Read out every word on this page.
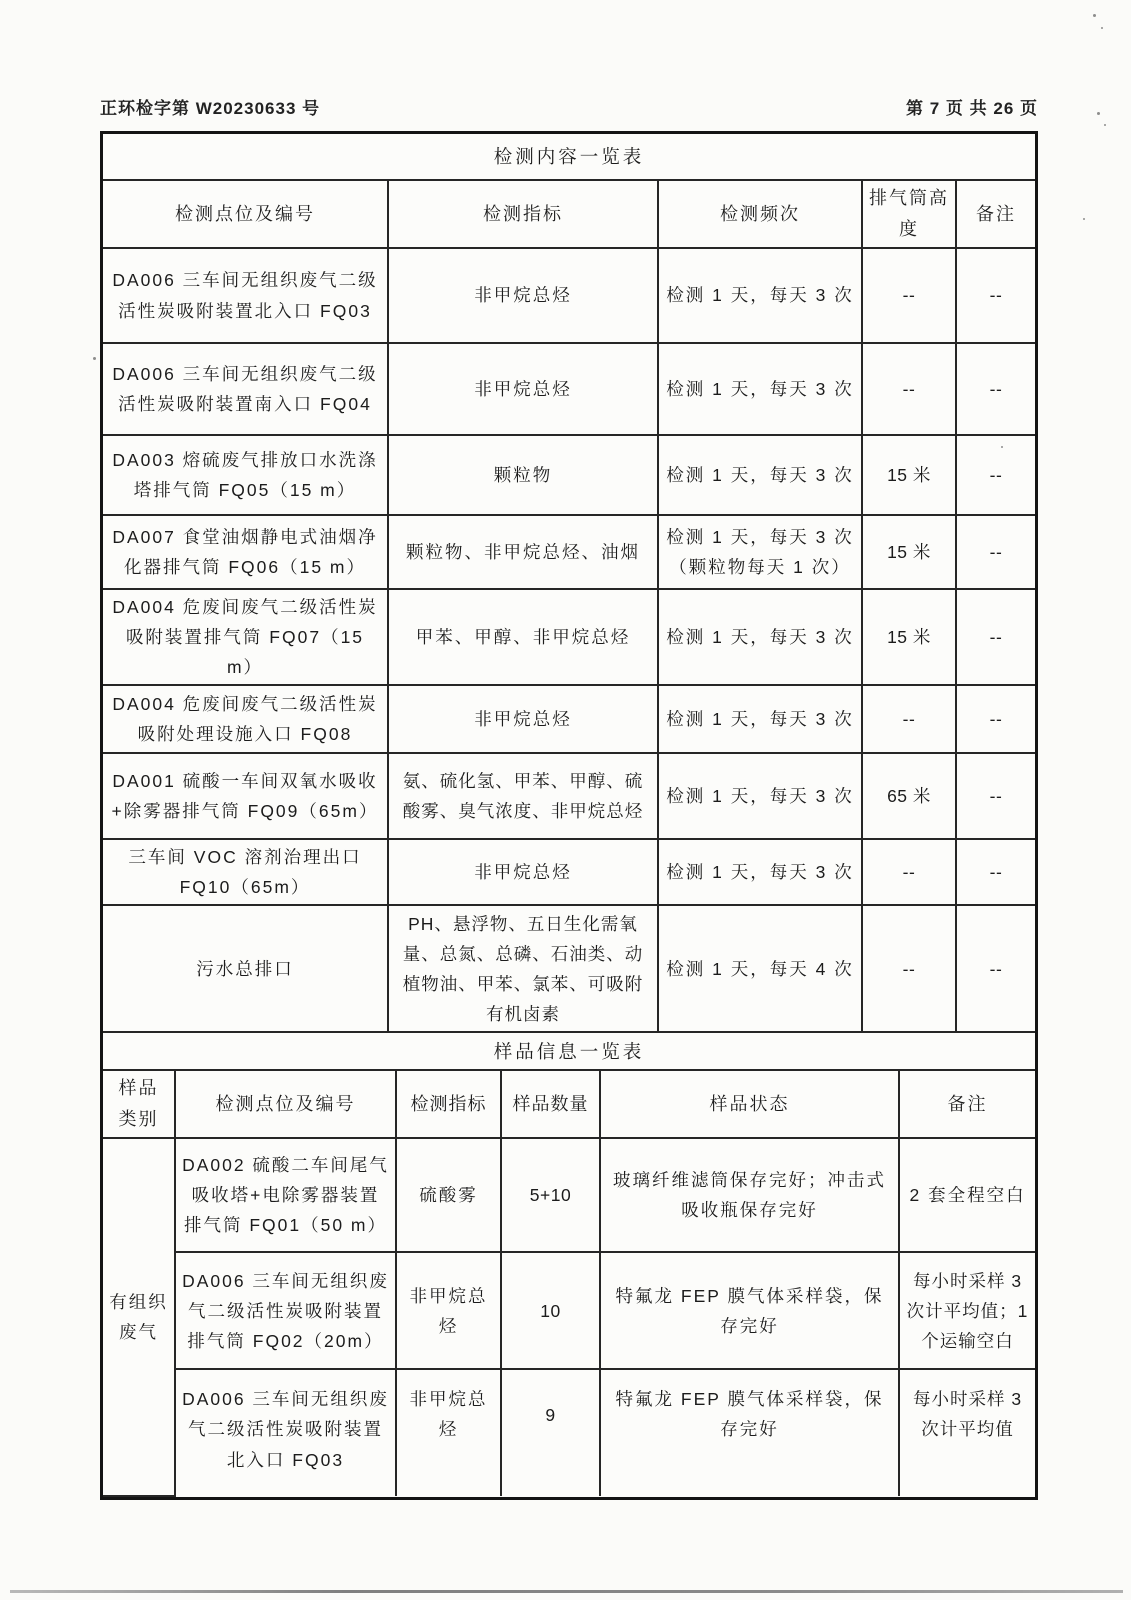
正环检字第 W20230633 号	第 7 页 共 26 页
检测内容一览表				
检测点位及编号	检测指标	检测频次	排气筒高度	备注
DA006 三车间无组织废气二级活性炭吸附装置北入口 FQ03	非甲烷总烃	检测 1 天，每天 3 次	--	--
DA006 三车间无组织废气二级活性炭吸附装置南入口 FQ04	非甲烷总烃	检测 1 天，每天 3 次	--	--
DA003 熔硫废气排放口水洗涤塔排气筒 FQ05（15 m）	颗粒物	检测 1 天，每天 3 次	15 米	--
DA007 食堂油烟静电式油烟净化器排气筒 FQ06（15 m）	颗粒物、非甲烷总烃、油烟	检测 1 天，每天 3 次（颗粒物每天 1 次）	15 米	--
DA004 危废间废气二级活性炭吸附装置排气筒 FQ07（15 m）	甲苯、甲醇、非甲烷总烃	检测 1 天，每天 3 次	15 米	--
DA004 危废间废气二级活性炭吸附处理设施入口 FQ08	非甲烷总烃	检测 1 天，每天 3 次	--	--
DA001 硫酸一车间双氧水吸收+除雾器排气筒 FQ09（65m）	氨、硫化氢、甲苯、甲醇、硫酸雾、臭气浓度、非甲烷总烃	检测 1 天，每天 3 次	65 米	--
三车间 VOC 溶剂治理出口 FQ10（65m）	非甲烷总烃	检测 1 天，每天 3 次	--	--
污水总排口	PH、悬浮物、五日生化需氧量、总氮、总磷、石油类、动植物油、甲苯、氯苯、可吸附有机卤素	检测 1 天，每天 4 次	--	--
样品信息一览表					
样品类别	检测点位及编号	检测指标	样品数量	样品状态	备注
有组织废气	DA002 硫酸二车间尾气吸收塔+电除雾器装置排气筒 FQ01（50 m）	硫酸雾	5+10	玻璃纤维滤筒保存完好；冲击式吸收瓶保存完好	2 套全程空白
	DA006 三车间无组织废气二级活性炭吸附装置排气筒 FQ02（20m）	非甲烷总烃	10	特氟龙 FEP 膜气体采样袋，保存完好	每小时采样 3 次计平均值；1 个运输空白
	DA006 三车间无组织废气二级活性炭吸附装置北入口 FQ03	非甲烷总烃	9	特氟龙 FEP 膜气体采样袋，保存完好	每小时采样 3 次计平均值
